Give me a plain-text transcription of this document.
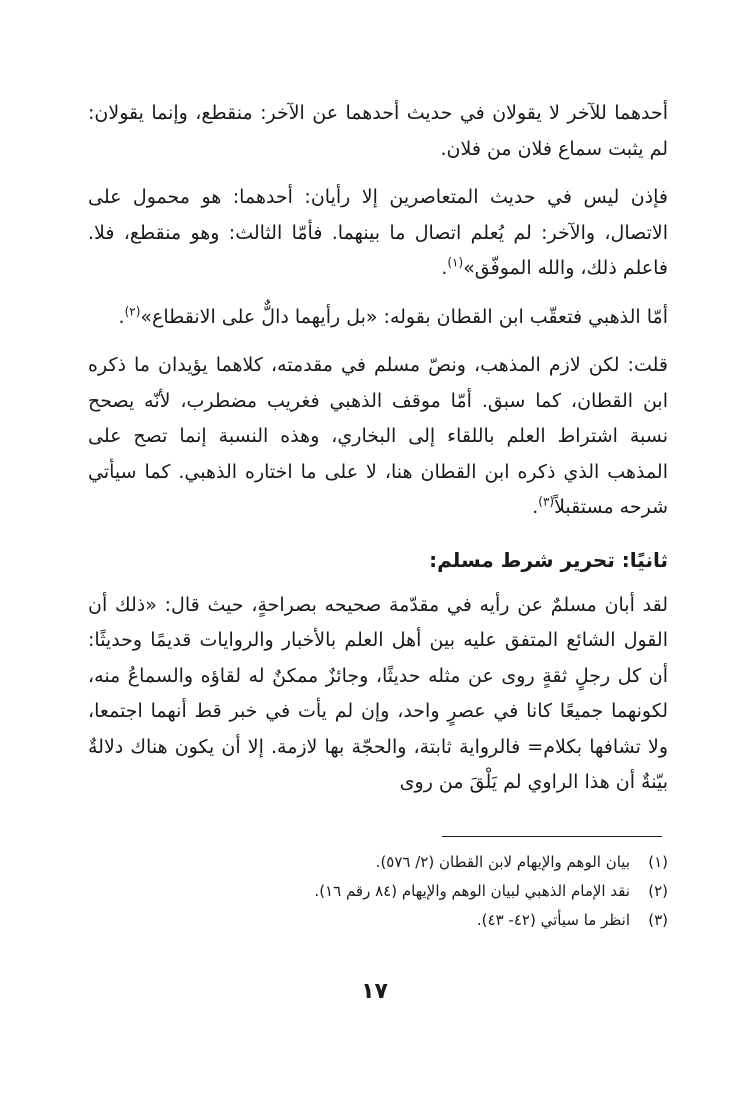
أحدهما للآخر لا يقولان في حديث أحدهما عن الآخر: منقطع، وإنما يقولان: لم يثبت سماع فلان من فلان.

فإذن ليس في حديث المتعاصرين إلا رأيان: أحدهما: هو محمول على الاتصال، والآخر: لم يُعلم اتصال ما بينهما. فأمّا الثالث: وهو منقطع، فلا. فاعلم ذلك، والله الموفّق»$^{(١)}$.

أمّا الذهبي فتعقّب ابن القطان بقوله: «بل رأيهما دالٌّ على الانقطاع»$^{(٢)}$.

قلت: لكن لازم المذهب، ونصّ مسلم في مقدمته، كلاهما يؤيدان ما ذكره ابن القطان، كما سبق. أمّا موقف الذهبي فغريب مضطرب، لأنّه يصحح نسبة اشتراط العلم باللقاء إلى البخاري، وهذه النسبة إنما تصح على المذهب الذي ذكره ابن القطان هنا، لا على ما اختاره الذهبي. كما سيأتي شرحه مستقبلاً$^{(٣)}$.

ثانيًا: تحرير شرط مسلم:

لقد أبان مسلمٌ عن رأيه في مقدّمة صحيحه بصراحةٍ، حيث قال: «ذلك أن القول الشائع المتفق عليه بين أهل العلم بالأخبار والروايات قديمًا وحديثًا: أن كل رجلٍ ثقةٍ روى عن مثله حديثًا، وجائزٌ ممكنٌ له لقاؤه والسماعُ منه، لكونهما جميعًا كانا في عصرٍ واحد، وإن لم يأت في خبر قط أنهما اجتمعا، ولا تشافها بكلام= فالرواية ثابتة، والحجّة بها لازمة. إلا أن يكون هناك دلالةٌ بيّنةٌ أن هذا الراوي لم يَلْقَ من روى

(١)
بيان الوهم والإيهام لابن القطان (٢/ ٥٧٦).
(٢)
نقد الإمام الذهبي لبيان الوهم والإيهام (٨٤ رقم ١٦).
(٣)
انظر ما سيأتي (٤٢- ٤٣).
١٧
